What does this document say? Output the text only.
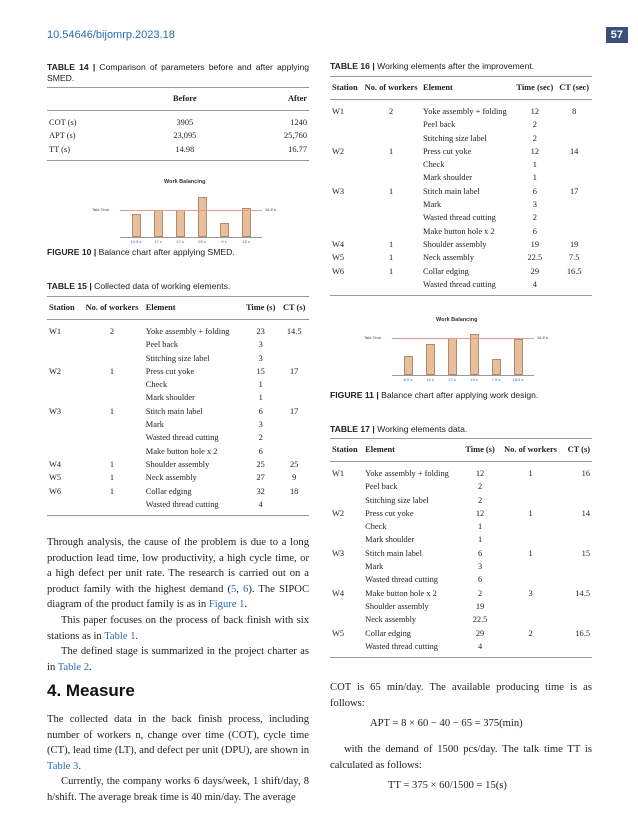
10.54646/bijomrp.2023.18	57
TABLE 14 | Comparison of parameters before and after applying SMED.
	Before	After
COT (s)	3905	1240
APT (s)	23,095	25,760
TT (s)	14.98	16.77
Work Balancing
14.5 s	17 s	17 s	25 s	9 s	18 s
Takt Time	16.8 s
FIGURE 10 | Balance chart after applying SMED.
TABLE 15 | Collected data of working elements.
Station	No. of workers	Element	Time (s)	CT (s)
W1	2	Yoke assembly + folding	23	14.5
		Peel back	3	
		Stitching size label	3	
W2	1	Press cut yoke	15	17
		Check	1	
		Mark shoulder	1	
W3	1	Stitch main label	6	17
		Mark	3	
		Wasted thread cutting	2	
		Make button hole x 2	6	
W4	1	Shoulder assembly	25	25
W5	1	Neck assembly	27	9
W6	1	Collar edging	32	18
		Wasted thread cutting	4	

Through analysis, the cause of the problem is due to a long production lead time, low productivity, a high cycle time, or a high defect per unit rate. The research is carried out on a product family with the highest demand (5, 6). The SIPOC diagram of the product family is as in Figure 1.

This paper focuses on the process of back finish with six stations as in Table 1.

The defined stage is summarized in the project charter as in Table 2.

4. Measure

The collected data in the back finish process, including number of workers n, change over time (COT), cycle time (CT), lead time (LT), and defect per unit (DPU), are shown in Table 3.

Currently, the company works 6 days/week, 1 shift/day, 8 h/shift. The average break time is 40 min/day. The average

TABLE 16 | Working elements after the improvement.
Station	No. of workers	Element	Time (sec)	CT (sec)
W1	2	Yoke assembly + folding	12	8
		Peel back	2	
		Stitching size label	2	
W2	1	Press cut yoke	12	14
		Check	1	
		Mark shoulder	1	
W3	1	Stitch main label	6	17
		Mark	3	
		Wasted thread cutting	2	
		Make button hole x 2	6	
W4	1	Shoulder assembly	19	19
W5	1	Neck assembly	22.5	7.5
W6	1	Collar edging	29	16.5
		Wasted thread cutting	4	
Work Balancing
8.5 s	14 s	17 s	19 s	7.5 s	16.5 s
Takt Time	16.8 s
FIGURE 11 | Balance chart after applying work design.
TABLE 17 | Working elements data.
Station	Element	Time (s)	No. of workers	CT (s)
W1	Yoke assembly + folding	12	1	16
	Peel back	2		
	Stitching size label	2		
W2	Press cut yoke	12	1	14
	Check	1		
	Mark shoulder	1		
W3	Stitch main label	6	1	15
	Mark	3		
	Wasted thread cutting	6		
W4	Make button hole x 2	2	3	14.5
	Shoulder assembly	19		
	Neck assembly	22.5		
W5	Collar edging	29	2	16.5
	Wasted thread cutting	4		

COT is 65 min/day. The available producing time is as follows:

APT = 8 × 60 − 40 − 65 = 375(min)

with the demand of 1500 pcs/day. The talk time TT is calculated as follows:

TT = 375 × 60/1500 = 15(s)
